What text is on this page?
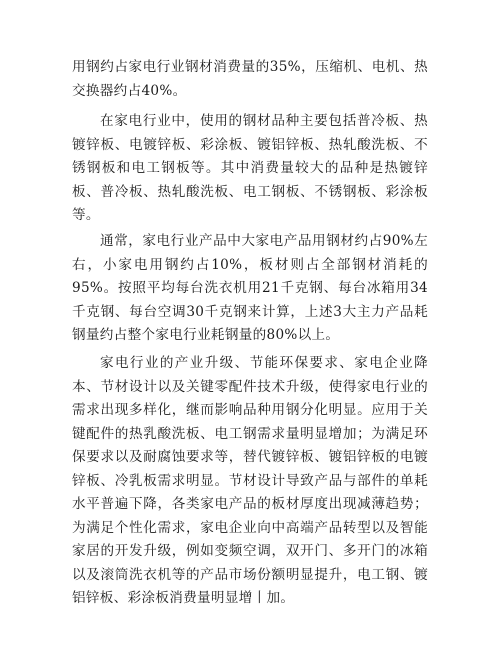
用钢约占家电行业钢材消费量的35%，压缩机、电机、热交换器约占40%。

在家电行业中，使用的钢材品种主要包括普冷板、热镀锌板、电镀锌板、彩涂板、镀铝锌板、热轧酸洗板、不锈钢板和电工钢板等。其中消费量较大的品种是热镀锌板、普冷板、热轧酸洗板、电工钢板、不锈钢板、彩涂板等。

通常，家电行业产品中大家电产品用钢材约占90%左右，小家电用钢约占10%，板材则占全部钢材消耗的95%。按照平均每台洗衣机用21千克钢、每台冰箱用34千克钢、每台空调30千克钢来计算，上述3大主力产品耗钢量约占整个家电行业耗钢量的80%以上。

家电行业的产业升级、节能环保要求、家电企业降本、节材设计以及关键零配件技术升级，使得家电行业的需求出现多样化，继而影响品种用钢分化明显。应用于关键配件的热乳酸洗板、电工钢需求量明显增加；为满足环保要求以及耐腐蚀要求等，替代镀锌板、镀铝锌板的电镀锌板、冷乳板需求明显。节材设计导致产品与部件的单耗水平普遍下降，各类家电产品的板材厚度出现减薄趋势；为满足个性化需求，家电企业向中高端产品转型以及智能家居的开发升级，例如变频空调，双开门、多开门的冰箱以及滚筒洗衣机等的产品市场份额明显提升，电工钢、镀铝锌板、彩涂板消费量明显增丨加。
